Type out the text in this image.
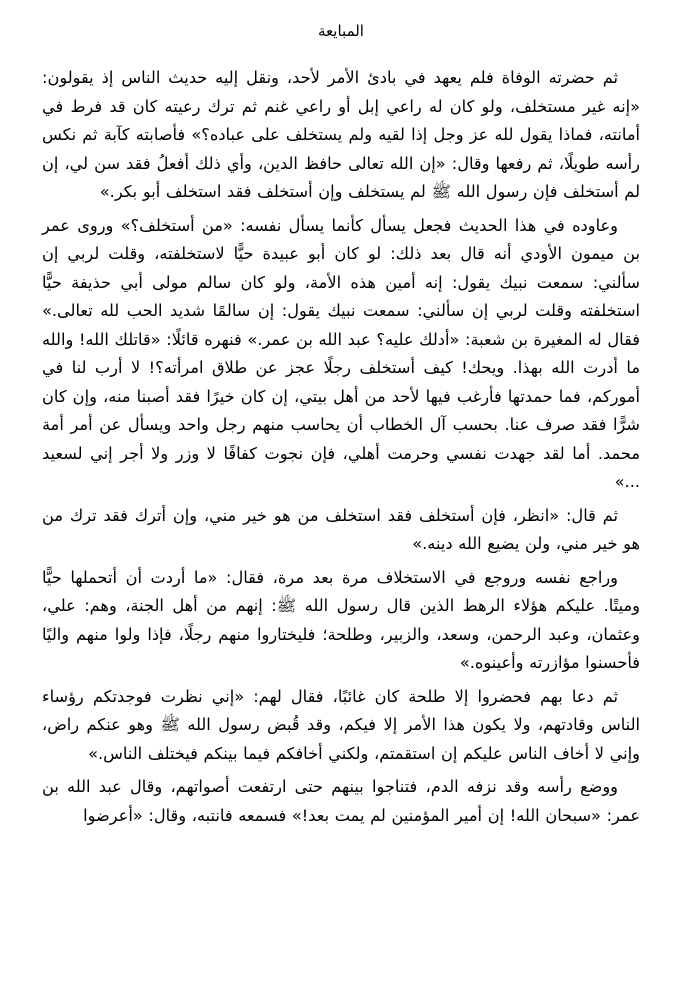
المبايعة

ثم حضرته الوفاة فلم يعهد في بادئ الأمر لأحد، ونقل إليه حديث الناس إذ يقولون: «إنه غير مستخلف، ولو كان له راعي إبل أو راعي غنم ثم ترك رعيته كان قد فرط في أمانته، فماذا يقول لله عز وجل إذا لقيه ولم يستخلف على عباده؟» فأصابته كآبة ثم نكس رأسه طويلًا، ثم رفعها وقال: «إن الله تعالى حافظ الدين، وأي ذلك أفعلُ فقد سن لي، إن لم أستخلف فإن رسول الله ﷺ لم يستخلف وإن أستخلف فقد استخلف أبو بكر.»

وعاوده في هذا الحديث فجعل يسأل كأنما يسأل نفسه: «من أستخلف؟» وروى عمر بن ميمون الأودي أنه قال بعد ذلك: لو كان أبو عبيدة حيًّا لاستخلفته، وقلت لربي إن سألني: سمعت نبيك يقول: إنه أمين هذه الأمة، ولو كان سالم مولى أبي حذيفة حيًّا استخلفته وقلت لربي إن سألني: سمعت نبيك يقول: إن سالمًا شديد الحب لله تعالى.» فقال له المغيرة بن شعبة: «أدلك عليه؟ عبد الله بن عمر.» فنهره قائلًا: «قاتلك الله! والله ما أدرت الله بهذا. ويحك! كيف أستخلف رجلًا عجز عن طلاق امرأته؟! لا أرب لنا في أموركم، فما حمدتها فأرغب فيها لأحد من أهل بيتي، إن كان خيرًا فقد أصبنا منه، وإن كان شرًّا فقد صرف عنا. بحسب آل الخطاب أن يحاسب منهم رجل واحد ويسأل عن أمر أمة محمد. أما لقد جهدت نفسي وحرمت أهلي، فإن نجوت كفافًا لا وزر ولا أجر إني لسعيد ...»

ثم قال: «انظر، فإن أستخلف فقد استخلف من هو خير مني، وإن أترك فقد ترك من هو خير مني، ولن يضيع الله دينه.»

وراجع نفسه وروجع في الاستخلاف مرة بعد مرة، فقال: «ما أردت أن أتحملها حيًّا وميتًا. عليكم هؤلاء الرهط الذين قال رسول الله ﷺ: إنهم من أهل الجنة، وهم: علي، وعثمان، وعبد الرحمن، وسعد، والزبير، وطلحة؛ فليختاروا منهم رجلًا، فإذا ولوا منهم واليًا فأحسنوا مؤازرته وأعينوه.»

ثم دعا بهم فحضروا إلا طلحة كان غائبًا، فقال لهم: «إني نظرت فوجدتكم رؤساء الناس وقادتهم، ولا يكون هذا الأمر إلا فيكم، وقد قُبض رسول الله ﷺ وهو عنكم راض، وإني لا أخاف الناس عليكم إن استقمتم، ولكني أخافكم فيما بينكم فيختلف الناس.»

ووضع رأسه وقد نزفه الدم، فتناجوا بينهم حتى ارتفعت أصواتهم، وقال عبد الله بن عمر: «سبحان الله! إن أمير المؤمنين لم يمت بعد!» فسمعه فانتبه، وقال: «أعرضوا
